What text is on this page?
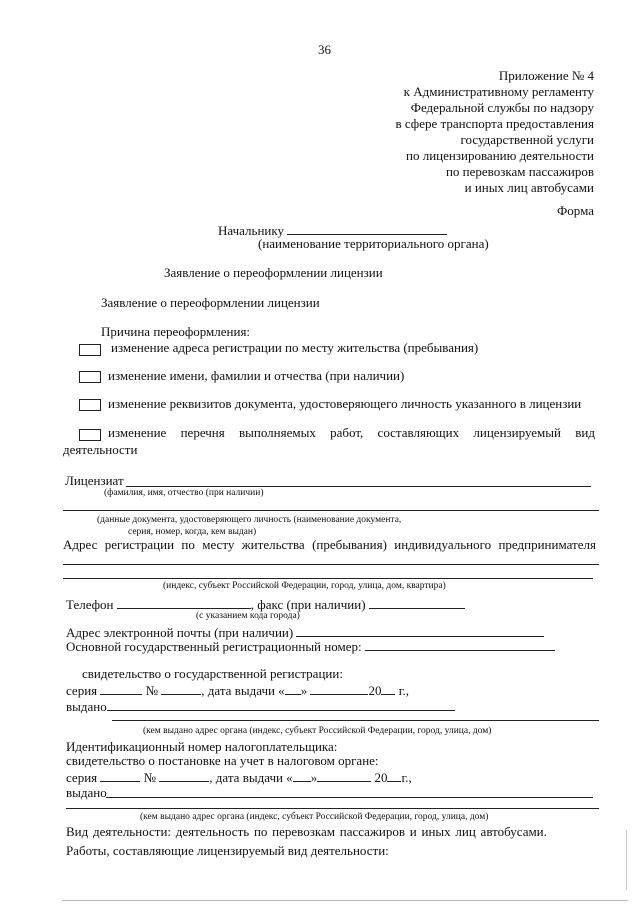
36
Приложение № 4
к Административному регламенту
Федеральной службы по надзору
в сфере транспорта предоставления
государственной услуги
по лицензированию деятельности
по перевозкам пассажиров
и иных лиц автобусами
Форма
Начальнику
(наименование территориального органа)
Заявление о переоформлении лицензии
Заявление о переоформлении лицензии
Причина переоформления:
изменение адреса регистрации по месту жительства (пребывания)
изменение имени, фамилии и отчества (при наличии)
изменение реквизитов документа, удостоверяющего личность указанного в лицензии
изменение перечня выполняемых работ, составляющих лицензируемый вид
деятельности
Лицензиат
(фамилия, имя, отчество (при наличии)
(данные документа, удостоверяющего личность (наименование документа,
серия, номер, когда, кем выдан)
Адрес регистрации по месту жительства (пребывания) индивидуального предпринимателя
(индекс, субъект Российской Федерации, город, улица, дом, квартира)
Телефон	, факс (при наличии)
(с указанием кода города)
Адрес электронной почты (при наличии)
Основной государственный регистрационный номер:
свидетельство о государственной регистрации:
серия	№	, дата выдачи « »	20 г.,
выдано
(кем выдано адрес органа (индекс, субъект Российской Федерации, город, улица, дом)
Идентификационный номер налогоплательщика:
свидетельство о постановке на учет в налоговом органе:
серия	№	, дата выдачи « »	20 г.,
выдано
(кем выдано адрес органа (индекс, субъект Российской Федерации, город, улица, дом)
Вид деятельности: деятельность по перевозкам пассажиров и иных лиц автобусами.
Работы, составляющие лицензируемый вид деятельности:
